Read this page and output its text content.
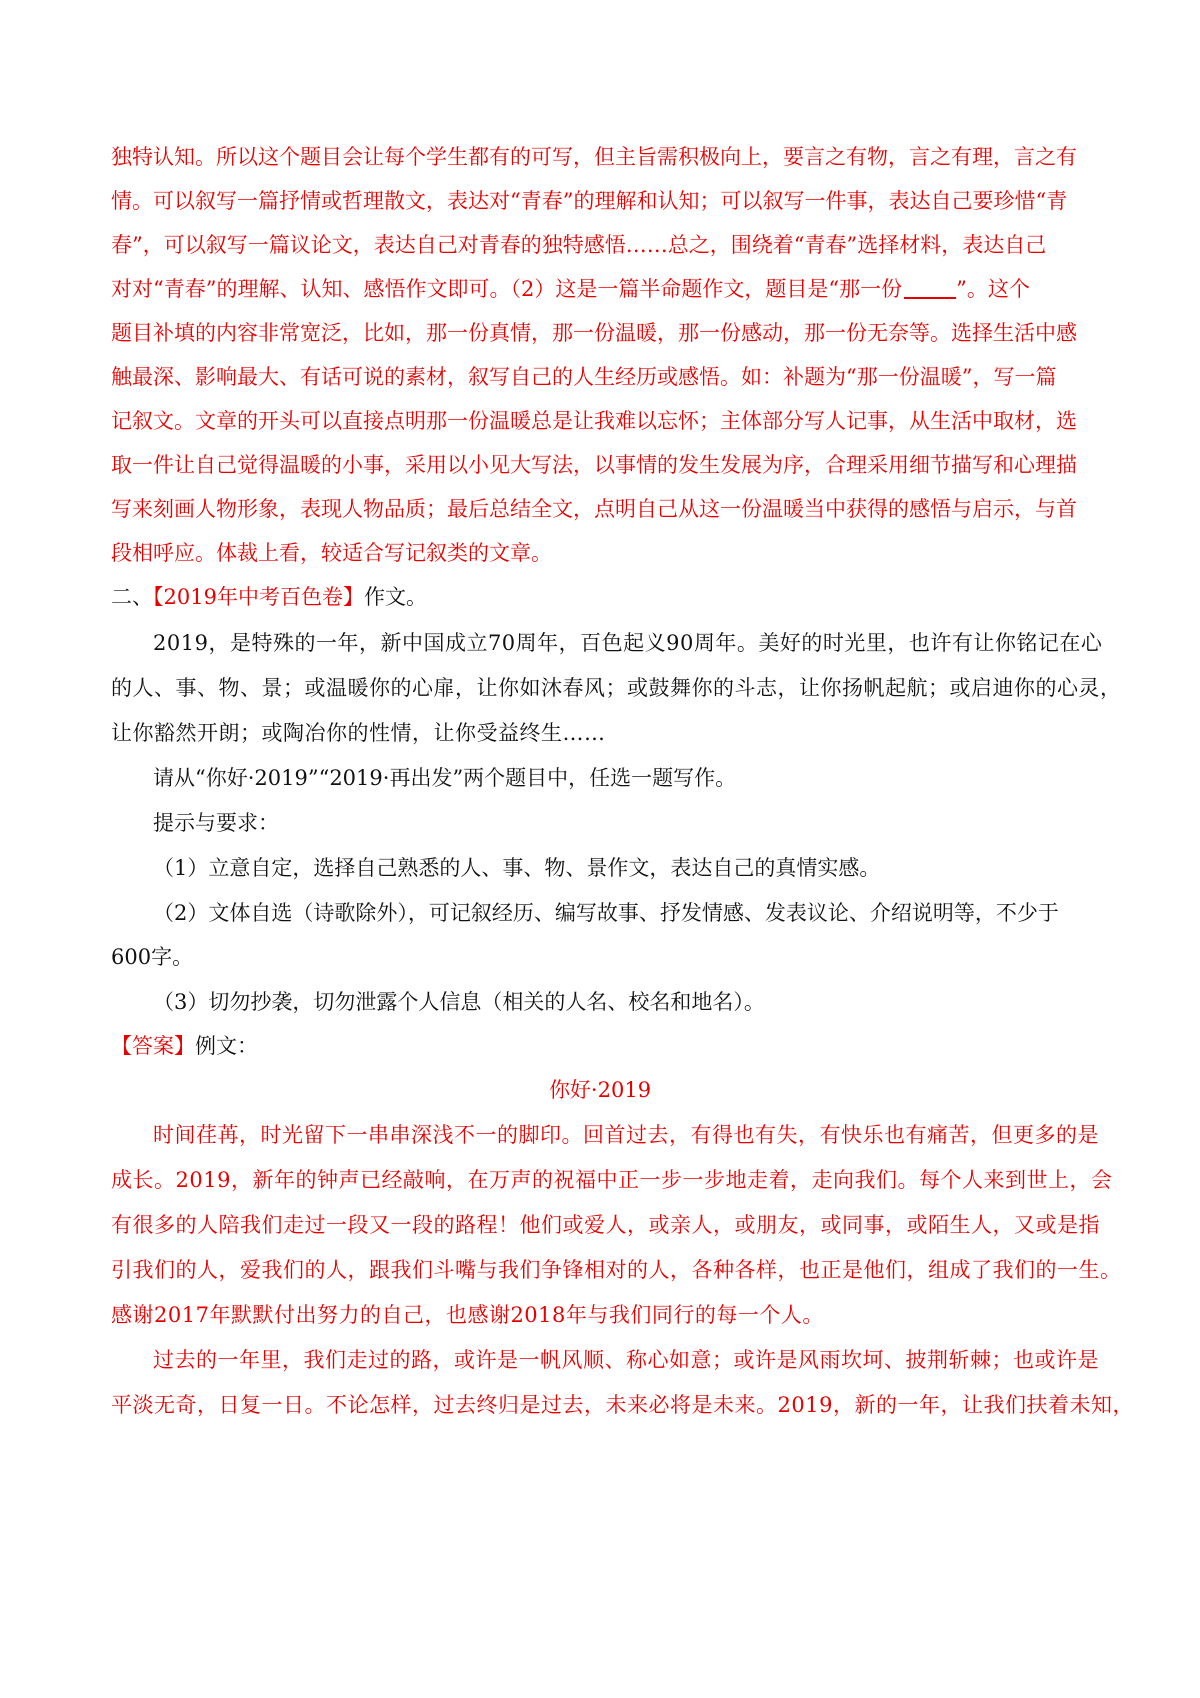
独特认知。所以这个题目会让每个学生都有的可写，但主旨需积极向上，要言之有物，言之有理，言之有
情。可以叙写一篇抒情或哲理散文，表达对“青春”的理解和认知；可以叙写一件事，表达自己要珍惜“青
春”，可以叙写一篇议论文，表达自己对青春的独特感悟……总之，围绕着“青春”选择材料，表达自己
对对“青春”的理解、认知、感悟作文即可。（2）这是一篇半命题作文，题目是“那一份	”。这个
题目补填的内容非常宽泛，比如，那一份真情，那一份温暖，那一份感动，那一份无奈等。选择生活中感
触最深、影响最大、有话可说的素材，叙写自己的人生经历或感悟。如：补题为“那一份温暖”，写一篇
记叙文。文章的开头可以直接点明那一份温暖总是让我难以忘怀；主体部分写人记事，从生活中取材，选
取一件让自己觉得温暖的小事，采用以小见大写法，以事情的发生发展为序，合理采用细节描写和心理描
写来刻画人物形象，表现人物品质；最后总结全文，点明自己从这一份温暖当中获得的感悟与启示，与首
段相呼应。体裁上看，较适合写记叙类的文章。
二、【2019年中考百色卷】作文。
2019，是特殊的一年，新中国成立70周年，百色起义90周年。美好的时光里，也许有让你铭记在心
的人、事、物、景；或温暖你的心扉，让你如沐春风；或鼓舞你的斗志，让你扬帆起航；或启迪你的心灵，
让你豁然开朗；或陶冶你的性情，让你受益终生……
请从“你好·2019”“2019·再出发”两个题目中，任选一题写作。
提示与要求：
（1）立意自定，选择自己熟悉的人、事、物、景作文，表达自己的真情实感。
（2）文体自选（诗歌除外），可记叙经历、编写故事、抒发情感、发表议论、介绍说明等，不少于
600字。
（3）切勿抄袭，切勿泄露个人信息（相关的人名、校名和地名）。
【答案】例文：
你好·2019
时间荏苒，时光留下一串串深浅不一的脚印。回首过去，有得也有失，有快乐也有痛苦，但更多的是
成长。2019，新年的钟声已经敲响，在万声的祝福中正一步一步地走着，走向我们。每个人来到世上，会
有很多的人陪我们走过一段又一段的路程！他们或爱人，或亲人，或朋友，或同事，或陌生人，又或是指
引我们的人，爱我们的人，跟我们斗嘴与我们争锋相对的人，各种各样，也正是他们，组成了我们的一生。
感谢2017年默默付出努力的自己，也感谢2018年与我们同行的每一个人。
过去的一年里，我们走过的路，或许是一帆风顺、称心如意；或许是风雨坎坷、披荆斩棘；也或许是
平淡无奇，日复一日。不论怎样，过去终归是过去，未来必将是未来。2019，新的一年，让我们扶着未知，
